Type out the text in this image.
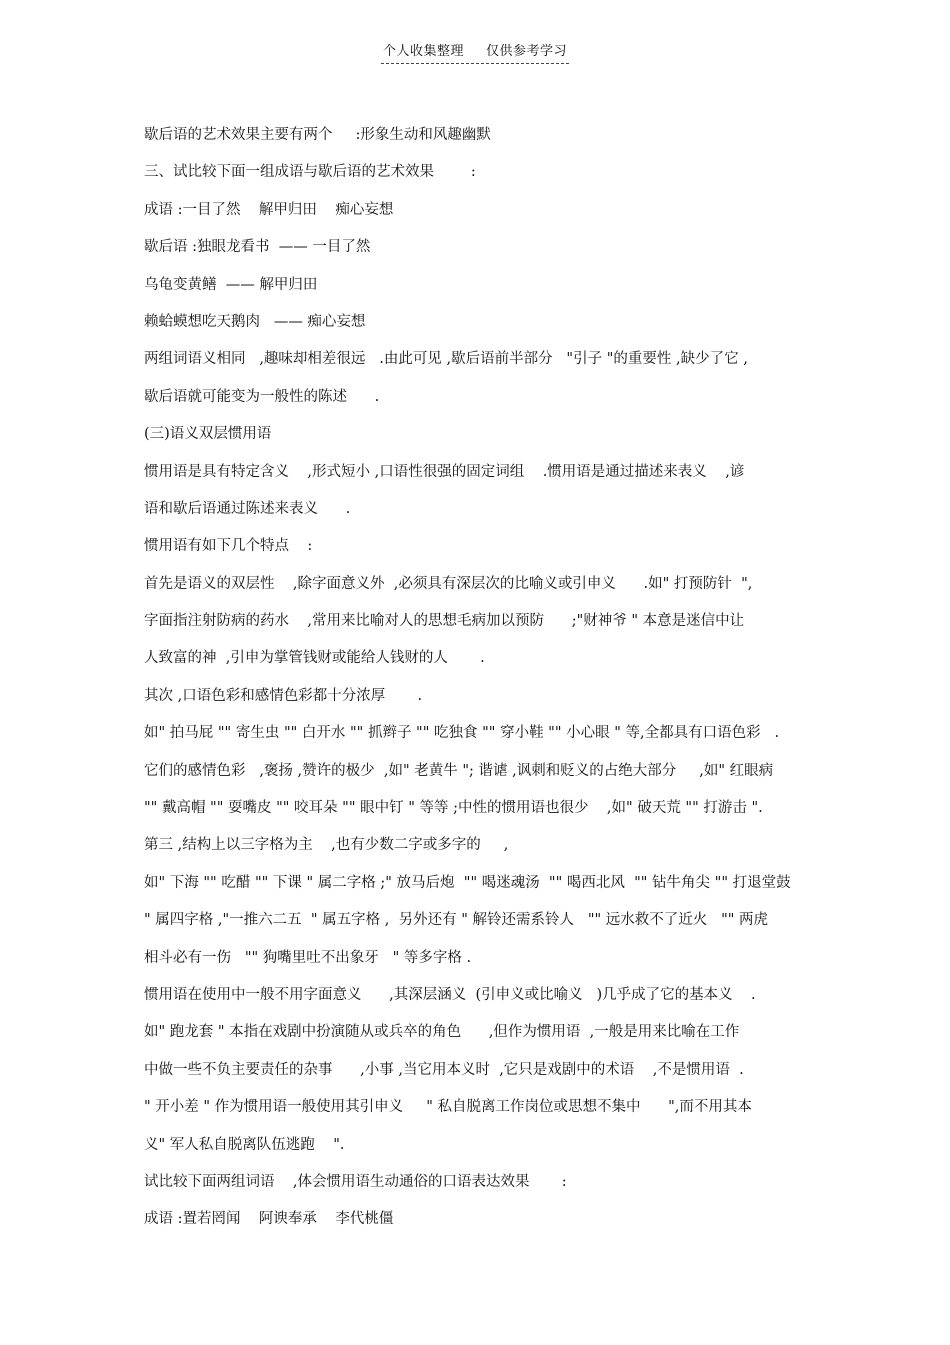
个人收集整理 仅供参考学习
歇后语的艺术效果主要有两个     :形象生动和风趣幽默
三、试比较下面一组成语与歇后语的艺术效果        :
成语 :一目了然    解甲归田    痴心妄想
歇后语 :独眼龙看书  —— 一目了然
乌龟变黄鳝  —— 解甲归田
赖蛤蟆想吃天鹅肉   —— 痴心妄想
两组词语义相同   ,趣味却相差很远   .由此可见 ,歇后语前半部分   "引子 "的重要性 ,缺少了它 ,
歇后语就可能变为一般性的陈述      .
(三)语义双层惯用语
惯用语是具有特定含义    ,形式短小 ,口语性很强的固定词组    .惯用语是通过描述来表义    ,谚
语和歇后语通过陈述来表义      .
惯用语有如下几个特点    :
首先是语义的双层性    ,除字面意义外  ,必须具有深层次的比喻义或引申义      .如" 打预防针  ",
字面指注射防病的药水    ,常用来比喻对人的思想毛病加以预防      ;"财神爷 " 本意是迷信中让
人致富的神  ,引申为掌管钱财或能给人钱财的人       .
其次 ,口语色彩和感情色彩都十分浓厚       .
如" 拍马屁 "" 寄生虫 "" 白开水 "" 抓辫子 "" 吃独食 "" 穿小鞋 "" 小心眼 " 等,全都具有口语色彩   .
它们的感情色彩   ,褒扬 ,赞许的极少  ,如" 老黄牛 "; 谐谑 ,讽刺和贬义的占绝大部分     ,如" 红眼病
"" 戴高帽 "" 耍嘴皮 "" 咬耳朵 "" 眼中钉 " 等等 ;中性的惯用语也很少    ,如" 破天荒 "" 打游击 ".
第三 ,结构上以三字格为主    ,也有少数二字或多字的     ,
如" 下海 "" 吃醋 "" 下课 " 属二字格 ;" 放马后炮  "" 喝迷魂汤  "" 喝西北风  "" 钻牛角尖 "" 打退堂鼓
" 属四字格 ,"一推六二五  " 属五字格 ,  另外还有 " 解铃还需系铃人   "" 远水救不了近火   "" 两虎
相斗必有一伤   "" 狗嘴里吐不出象牙   " 等多字格 .
惯用语在使用中一般不用字面意义      ,其深层涵义  (引申义或比喻义   )几乎成了它的基本义    .
如" 跑龙套 " 本指在戏剧中扮演随从或兵卒的角色      ,但作为惯用语  ,一般是用来比喻在工作
中做一些不负主要责任的杂事      ,小事 ,当它用本义时  ,它只是戏剧中的术语    ,不是惯用语  .
" 开小差 " 作为惯用语一般使用其引申义     " 私自脱离工作岗位或思想不集中      ",而不用其本
义" 军人私自脱离队伍逃跑    ".
试比较下面两组词语    ,体会惯用语生动通俗的口语表达效果       :
成语 :置若罔闻    阿谀奉承    李代桃僵
